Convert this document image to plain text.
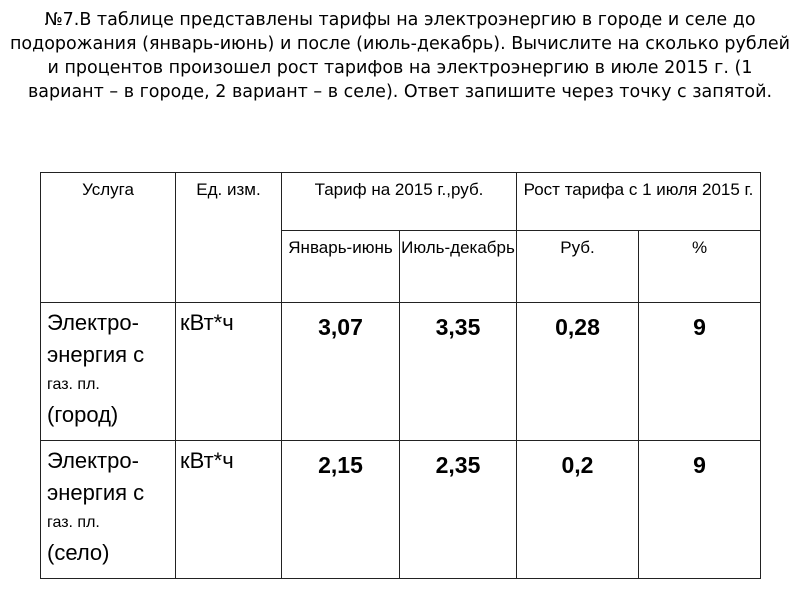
№7.В таблице представлены тарифы на электроэнергию в городе и селе до подорожания (январь-июнь) и после (июль-декабрь). Вычислите на сколько рублей и процентов произошел рост тарифов на электроэнергию в июле 2015 г. (1 вариант – в городе, 2 вариант – в селе). Ответ запишите через точку с запятой.

Услуга	Ед. изм.	Тариф на 2015 г.,руб.		Рост тарифа с 1 июля 2015 г.	
		Январь-июнь	Июль-декабрь	Руб.	%
Электро-энергия с
газ. пл.
(город)	кВт*ч	3,07	3,35	0,28	9
Электро-энергия с
газ. пл.
(село)	кВт*ч	2,15	2,35	0,2	9
